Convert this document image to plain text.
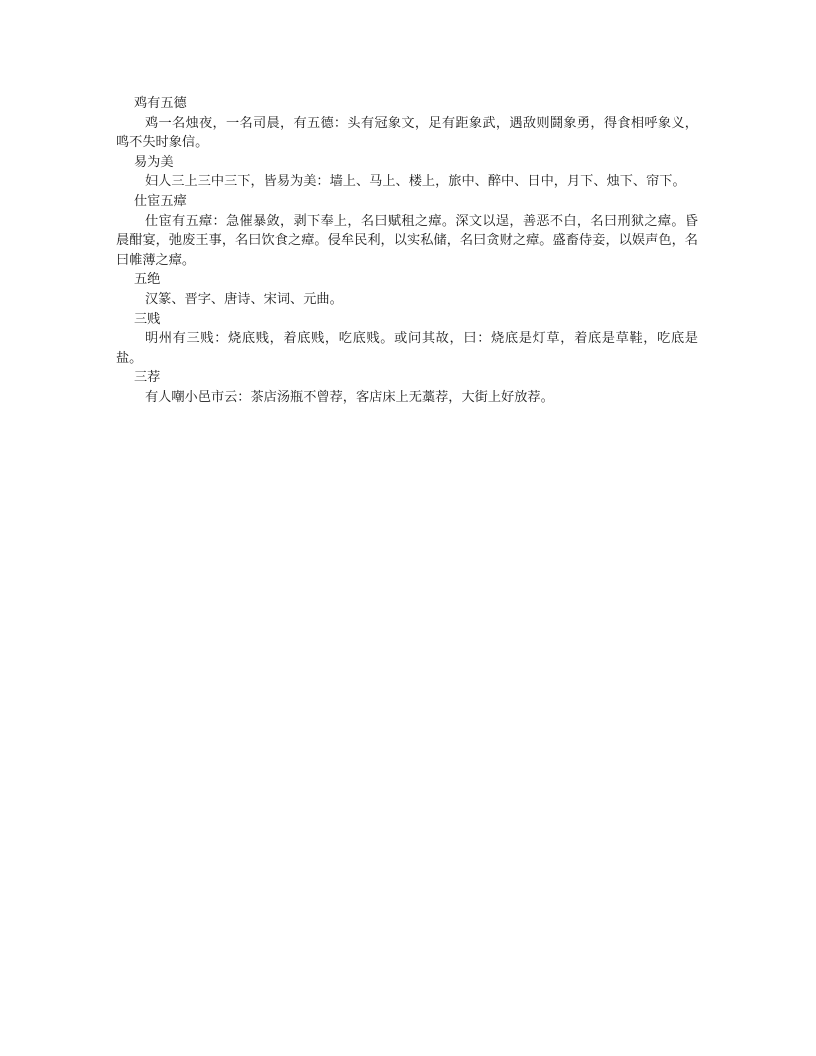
鸡有五德

鸡一名烛夜，一名司晨，有五德：头有冠象文，足有距象武，遇敌则鬪象勇，得食相呼象义，鸣不失时象信。

易为美

妇人三上三中三下，皆易为美：墙上、马上、楼上，旅中、醉中、日中，月下、烛下、帘下。

仕宦五瘴

仕宦有五瘴：急催暴敛，剥下奉上，名曰赋租之瘴。深文以逞，善恶不白，名曰刑狱之瘴。昏晨酣宴，弛废王事，名曰饮食之瘴。侵牟民利，以实私储，名曰贪财之瘴。盛畜侍妾，以娱声色，名曰帷薄之瘴。

五绝

汉篆、晋字、唐诗、宋词、元曲。

三贱

明州有三贱：烧底贱，着底贱，吃底贱。或问其故，曰：烧底是灯草，着底是草鞋，吃底是盐。

三荐

有人嘲小邑市云：茶店汤瓶不曾荐，客店床上无藁荐，大街上好放荐。
